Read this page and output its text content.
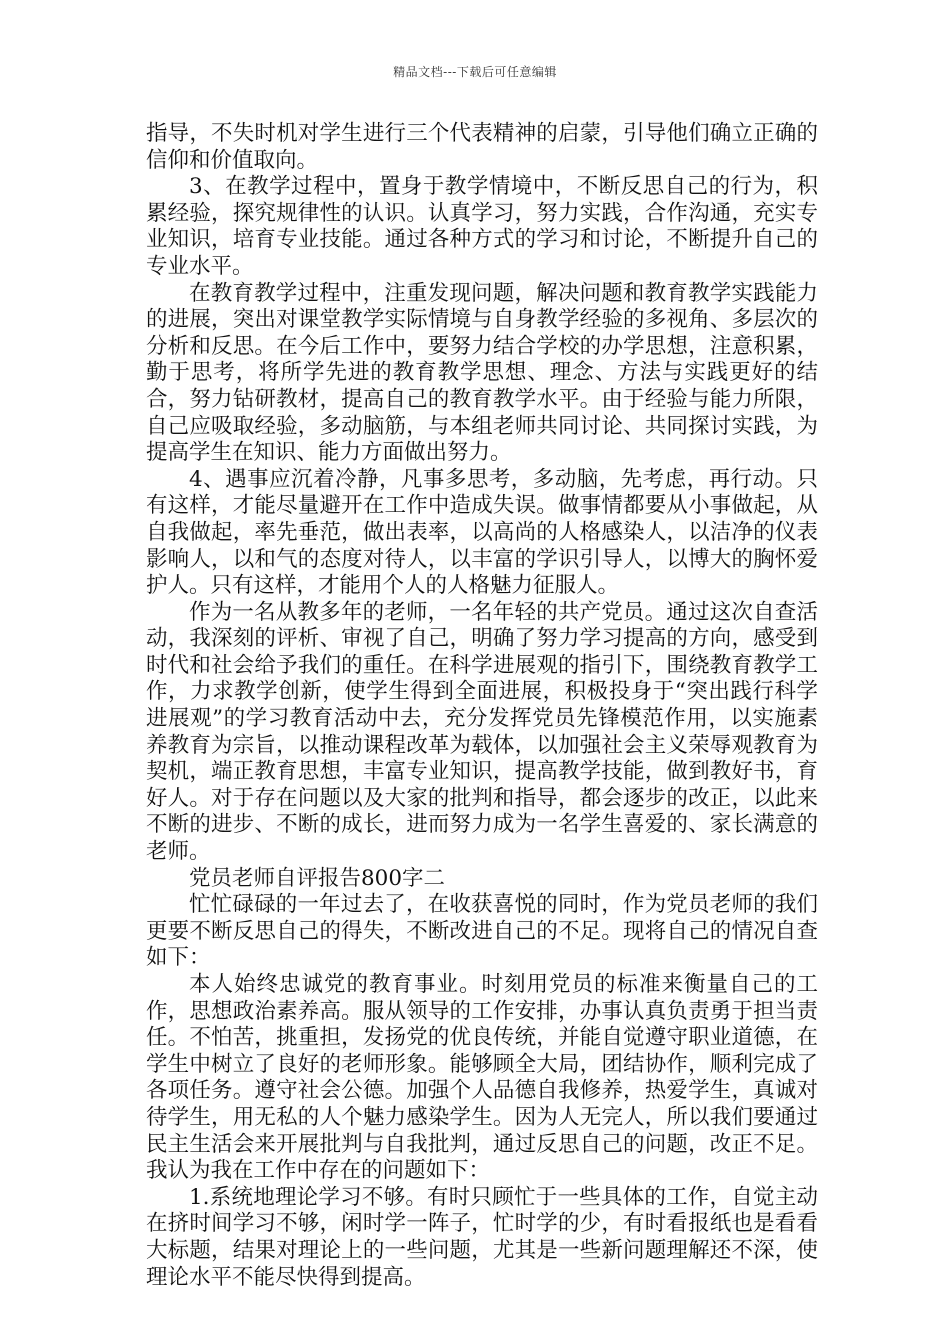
精品文档---下载后可任意编辑

指导，不失时机对学生进行三个代表精神的启蒙，引导他们确立正确的信仰和价值取向。

3、在教学过程中，置身于教学情境中，不断反思自己的行为，积累经验，探究规律性的认识。认真学习，努力实践，合作沟通，充实专业知识，培育专业技能。通过各种方式的学习和讨论，不断提升自己的专业水平。

在教育教学过程中，注重发现问题，解决问题和教育教学实践能力的进展，突出对课堂教学实际情境与自身教学经验的多视角、多层次的分析和反思。在今后工作中，要努力结合学校的办学思想，注意积累，勤于思考，将所学先进的教育教学思想、理念、方法与实践更好的结合，努力钻研教材，提高自己的教育教学水平。由于经验与能力所限，自己应吸取经验，多动脑筋，与本组老师共同讨论、共同探讨实践，为提高学生在知识、能力方面做出努力。

4、遇事应沉着冷静，凡事多思考，多动脑，先考虑，再行动。只有这样，才能尽量避开在工作中造成失误。做事情都要从小事做起，从自我做起，率先垂范，做出表率，以高尚的人格感染人，以洁净的仪表影响人，以和气的态度对待人，以丰富的学识引导人，以博大的胸怀爱护人。只有这样，才能用个人的人格魅力征服人。

作为一名从教多年的老师，一名年轻的共产党员。通过这次自查活动，我深刻的评析、审视了自己，明确了努力学习提高的方向，感受到时代和社会给予我们的重任。在科学进展观的指引下，围绕教育教学工作，力求教学创新，使学生得到全面进展，积极投身于“突出践行科学进展观”的学习教育活动中去，充分发挥党员先锋模范作用，以实施素养教育为宗旨，以推动课程改革为载体，以加强社会主义荣辱观教育为契机，端正教育思想，丰富专业知识，提高教学技能，做到教好书，育好人。对于存在问题以及大家的批判和指导，都会逐步的改正，以此来不断的进步、不断的成长，进而努力成为一名学生喜爱的、家长满意的老师。

党员老师自评报告800字二

忙忙碌碌的一年过去了，在收获喜悦的同时，作为党员老师的我们更要不断反思自己的得失，不断改进自己的不足。现将自己的情况自查如下：

本人始终忠诚党的教育事业。时刻用党员的标准来衡量自己的工作，思想政治素养高。服从领导的工作安排，办事认真负责勇于担当责任。不怕苦，挑重担，发扬党的优良传统，并能自觉遵守职业道德，在学生中树立了良好的老师形象。能够顾全大局，团结协作，顺利完成了各项任务。遵守社会公德。加强个人品德自我修养，热爱学生，真诚对待学生，用无私的人个魅力感染学生。因为人无完人，所以我们要通过民主生活会来开展批判与自我批判，通过反思自己的问题，改正不足。我认为我在工作中存在的问题如下：

1.系统地理论学习不够。有时只顾忙于一些具体的工作，自觉主动在挤时间学习不够，闲时学一阵子，忙时学的少，有时看报纸也是看看大标题，结果对理论上的一些问题，尤其是一些新问题理解还不深，使理论水平不能尽快得到提高。
